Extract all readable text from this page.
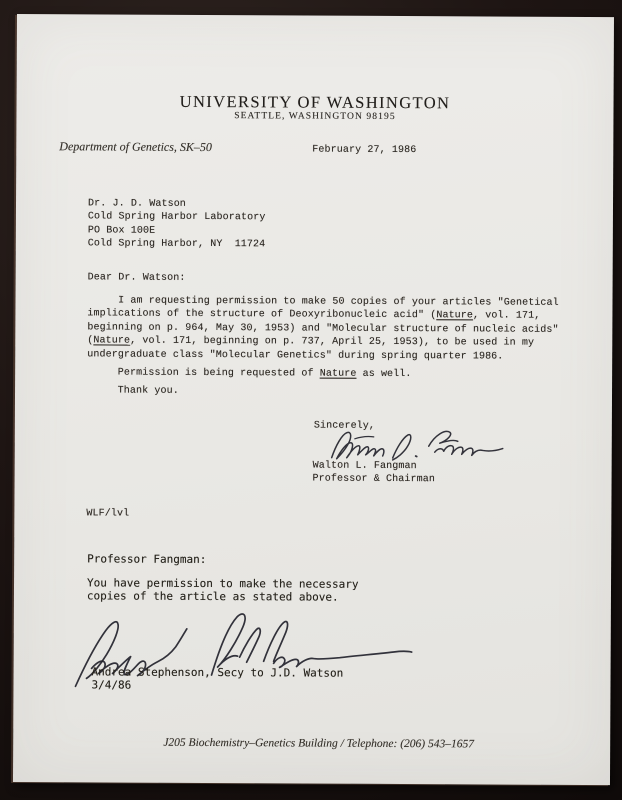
UNIVERSITY OF WASHINGTON
SEATTLE, WASHINGTON 98195
Department of Genetics, SK–50	February 27, 1986
Dr. J. D. Watson
Cold Spring Harbor Laboratory
PO Box 100E
Cold Spring Harbor, NY  11724
Dear Dr. Watson:
I am requesting permission to make 50 copies of your articles "Genetical
implications of the structure of Deoxyribonucleic acid" (Nature, vol. 171,
beginning on p. 964, May 30, 1953) and "Molecular structure of nucleic acids"
(Nature, vol. 171, beginning on p. 737, April 25, 1953), to be used in my
undergraduate class "Molecular Genetics" during spring quarter 1986.
Permission is being requested of Nature as well.
Thank you.
Sincerely,
Walton L. Fangman
Professor & Chairman
WLF/lvl
Professor Fangman:
You have permission to make the necessary
copies of the article as stated above.
Andrea Stephenson, Secy to J.D. Watson
3/4/86
J205 Biochemistry–Genetics Building / Telephone: (206) 543–1657
